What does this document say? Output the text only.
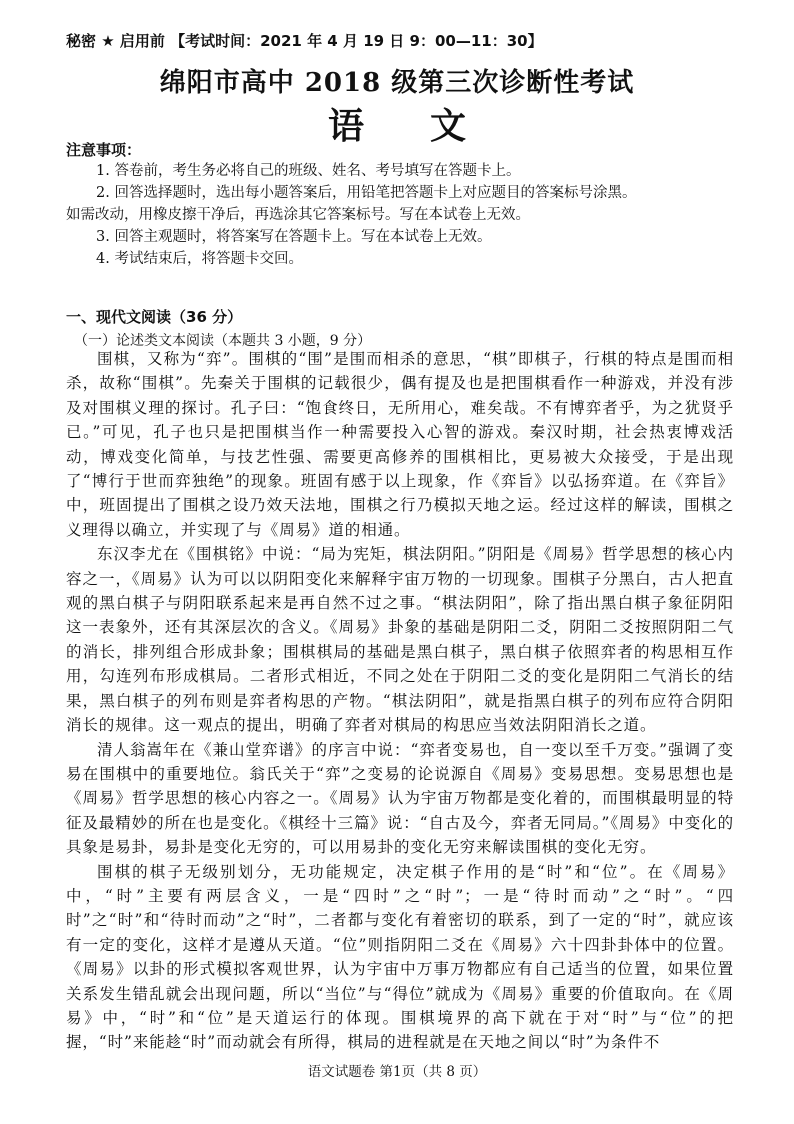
秘密 ★ 启用前 【考试时间：2021 年 4 月 19 日 9：00—11：30】
绵阳市高中 2018 级第三次诊断性考试
语文
注意事项：

1. 答卷前，考生务必将自己的班级、姓名、考号填写在答题卡上。

2. 回答选择题时，选出每小题答案后，用铅笔把答题卡上对应题目的答案标号涂黑。

如需改动，用橡皮擦干净后，再选涂其它答案标号。写在本试卷上无效。

3. 回答主观题时，将答案写在答题卡上。写在本试卷上无效。

4. 考试结束后，将答题卡交回。

一、现代文阅读（36 分）
（一）论述类文本阅读（本题共 3 小题，9 分）

围棋，又称为“弈”。围棋的“围”是围而相杀的意思，“棋”即棋子，行棋的特点是围而相杀，故称“围棋”。先秦关于围棋的记载很少，偶有提及也是把围棋看作一种游戏，并没有涉及对围棋义理的探讨。孔子曰：“饱食终日，无所用心，难矣哉。不有博弈者乎，为之犹贤乎已。”可见，孔子也只是把围棋当作一种需要投入心智的游戏。秦汉时期，社会热衷博戏活动，博戏变化简单，与技艺性强、需要更高修养的围棋相比，更易被大众接受，于是出现了“博行于世而弈独绝”的现象。班固有感于以上现象，作《弈旨》以弘扬弈道。在《弈旨》中，班固提出了围棋之设乃效天法地，围棋之行乃模拟天地之运。经过这样的解读，围棋之义理得以确立，并实现了与《周易》道的相通。

东汉李尤在《围棋铭》中说：“局为宪矩，棋法阴阳。”阴阳是《周易》哲学思想的核心内容之一，《周易》认为可以以阴阳变化来解释宇宙万物的一切现象。围棋子分黑白，古人把直观的黑白棋子与阴阳联系起来是再自然不过之事。“棋法阴阳”，除了指出黑白棋子象征阴阳这一表象外，还有其深层次的含义。《周易》卦象的基础是阴阳二爻，阴阳二爻按照阴阳二气的消长，排列组合形成卦象；围棋棋局的基础是黑白棋子，黑白棋子依照弈者的构思相互作用，勾连列布形成棋局。二者形式相近，不同之处在于阴阳二爻的变化是阴阳二气消长的结果，黑白棋子的列布则是弈者构思的产物。“棋法阴阳”，就是指黑白棋子的列布应符合阴阳消长的规律。这一观点的提出，明确了弈者对棋局的构思应当效法阴阳消长之道。

清人翁嵩年在《兼山堂弈谱》的序言中说：“弈者变易也，自一变以至千万变。”强调了变易在围棋中的重要地位。翁氏关于“弈”之变易的论说源自《周易》变易思想。变易思想也是《周易》哲学思想的核心内容之一。《周易》认为宇宙万物都是变化着的，而围棋最明显的特征及最精妙的所在也是变化。《棋经十三篇》说：“自古及今，弈者无同局。”《周易》中变化的具象是易卦，易卦是变化无穷的，可以用易卦的变化无穷来解读围棋的变化无穷。

围棋的棋子无级别划分，无功能规定，决定棋子作用的是“时”和“位”。在《周易》中，“时”主要有两层含义，一是“四时”之“时”；一是“待时而动”之“时”。“四时”之“时”和“待时而动”之“时”，二者都与变化有着密切的联系，到了一定的“时”，就应该有一定的变化，这样才是遵从天道。“位”则指阴阳二爻在《周易》六十四卦卦体中的位置。《周易》以卦的形式模拟客观世界，认为宇宙中万事万物都应有自己适当的位置，如果位置关系发生错乱就会出现问题，所以“当位”与“得位”就成为《周易》重要的价值取向。在《周易》中，“时”和“位”是天道运行的体现。围棋境界的高下就在于对“时”与“位”的把握，“时”来能趁“时”而动就会有所得，棋局的进程就是在天地之间以“时”为条件不

语文试题卷 第1页（共 8 页）
